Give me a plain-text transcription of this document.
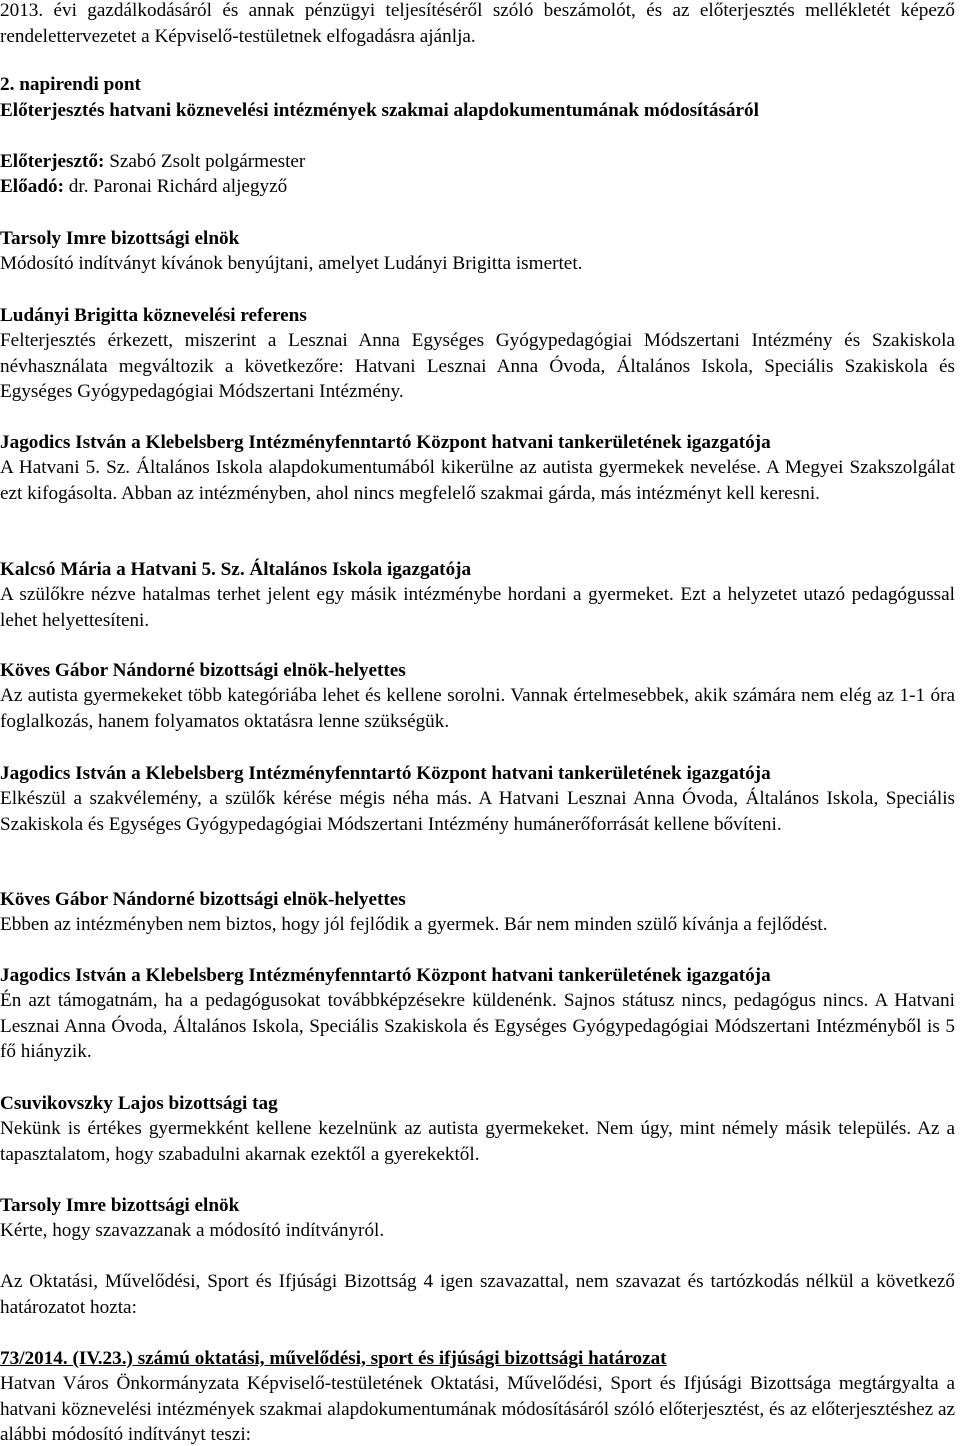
2013. évi gazdálkodásáról és annak pénzügyi teljesítéséről szóló beszámolót, és az előterjesztés mellékletét képező rendelettervezetet a Képviselő-testületnek elfogadásra ajánlja.

2. napirendi pont

Előterjesztés hatvani köznevelési intézmények szakmai alapdokumentumának módosításáról

Előterjesztő: Szabó Zsolt polgármester

Előadó: dr. Paronai Richárd aljegyző

Tarsoly Imre bizottsági elnök

Módosító indítványt kívánok benyújtani, amelyet Ludányi Brigitta ismertet.

Ludányi Brigitta köznevelési referens

Felterjesztés érkezett, miszerint a Lesznai Anna Egységes Gyógypedagógiai Módszertani Intézmény és Szakiskola névhasználata megváltozik a következőre: Hatvani Lesznai Anna Óvoda, Általános Iskola, Speciális Szakiskola és Egységes Gyógypedagógiai Módszertani Intézmény.

Jagodics István a Klebelsberg Intézményfenntartó Központ hatvani tankerületének igazgatója

A Hatvani 5. Sz. Általános Iskola alapdokumentumából kikerülne az autista gyermekek nevelése. A Megyei Szakszolgálat ezt kifogásolta. Abban az intézményben, ahol nincs megfelelő szakmai gárda, más intézményt kell keresni.

Kalcsó Mária a Hatvani 5. Sz. Általános Iskola igazgatója

A szülőkre nézve hatalmas terhet jelent egy másik intézménybe hordani a gyermeket. Ezt a helyzetet utazó pedagógussal lehet helyettesíteni.

Köves Gábor Nándorné bizottsági elnök-helyettes

Az autista gyermekeket több kategóriába lehet és kellene sorolni. Vannak értelmesebbek, akik számára nem elég az 1-1 óra foglalkozás, hanem folyamatos oktatásra lenne szükségük.

Jagodics István a Klebelsberg Intézményfenntartó Központ hatvani tankerületének igazgatója

Elkészül a szakvélemény, a szülők kérése mégis néha más. A Hatvani Lesznai Anna Óvoda, Általános Iskola, Speciális Szakiskola és Egységes Gyógypedagógiai Módszertani Intézmény humánerőforrását kellene bővíteni.

Köves Gábor Nándorné bizottsági elnök-helyettes

Ebben az intézményben nem biztos, hogy jól fejlődik a gyermek. Bár nem minden szülő kívánja a fejlődést.

Jagodics István a Klebelsberg Intézményfenntartó Központ hatvani tankerületének igazgatója

Én azt támogatnám, ha a pedagógusokat továbbképzésekre küldenénk. Sajnos státusz nincs, pedagógus nincs. A Hatvani Lesznai Anna Óvoda, Általános Iskola, Speciális Szakiskola és Egységes Gyógypedagógiai Módszertani Intézményből is 5 fő hiányzik.

Csuvikovszky Lajos bizottsági tag

Nekünk is értékes gyermekként kellene kezelnünk az autista gyermekeket. Nem úgy, mint némely másik település. Az a tapasztalatom, hogy szabadulni akarnak ezektől a gyerekektől.

Tarsoly Imre bizottsági elnök

Kérte, hogy szavazzanak a módosító indítványról.

Az Oktatási, Művelődési, Sport és Ifjúsági Bizottság 4 igen szavazattal, nem szavazat és tartózkodás nélkül a következő határozatot hozta:

73/2014. (IV.23.) számú oktatási, művelődési, sport és ifjúsági bizottsági határozat

Hatvan Város Önkormányzata Képviselő-testületének Oktatási, Művelődési, Sport és Ifjúsági Bizottsága megtárgyalta a hatvani köznevelési intézmények szakmai alapdokumentumának módosításáról szóló előterjesztést, és az előterjesztéshez az alábbi módosító indítványt teszi:
